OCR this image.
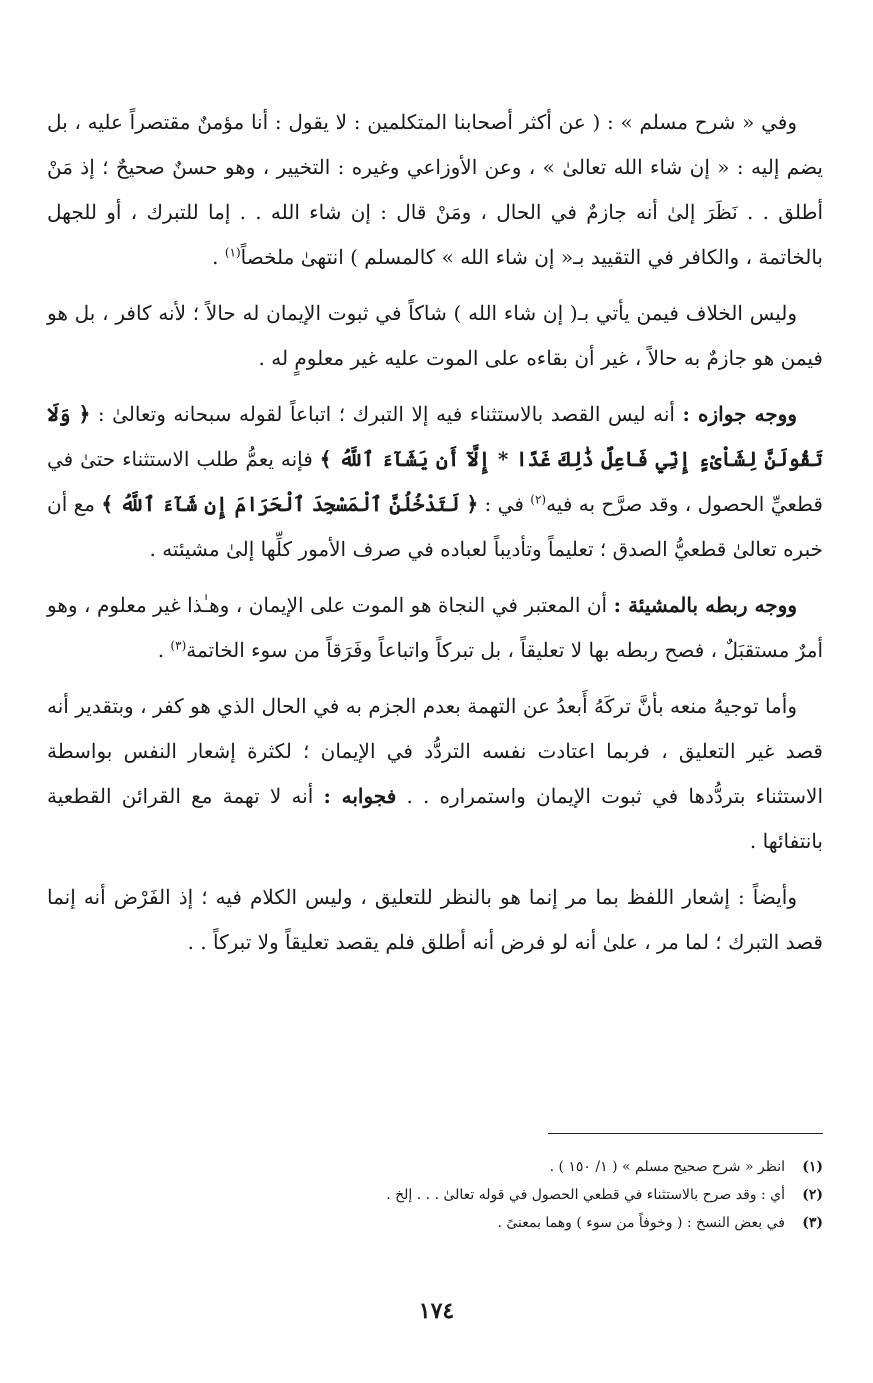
وفي « شرح مسلم » : ( عن أكثر أصحابنا المتكلمين : لا يقول : أنا مؤمنٌ مقتصراً عليه ، بل يضم إليه : « إن شاء الله تعالىٰ » ، وعن الأوزاعي وغيره : التخيير ، وهو حسنٌ صحيحٌ ؛ إذ مَنْ أطلق . . نَظَرَ إلىٰ أنه جازمٌ في الحال ، ومَنْ قال : إن شاء الله . . إما للتبرك ، أو للجهل بالخاتمة ، والكافر في التقييد بـ« إن شاء الله » كالمسلم ) انتهىٰ ملخصاً$^{(١)}$ .

وليس الخلاف فيمن يأتي بـ( إن شاء الله ) شاكاً في ثبوت الإيمان له حالاً ؛ لأنه كافر ، بل هو فيمن هو جازمٌ به حالاً ، غير أن بقاءه على الموت عليه غير معلومٍ له .

ووجه جوازه : أنه ليس القصد بالاستثناء فيه إلا التبرك ؛ اتباعاً لقوله سبحانه وتعالىٰ : ﴿ وَلَا تَقُولَنَّ لِشَاْىْءٍ إِنِّي فَاعِلٌ ذَٰلِكَ غَدًا * إِلَّآ أَن يَشَآءَ ٱللَّهُ ﴾ فإنه يعمُّ طلب الاستثناء حتىٰ في قطعيِّ الحصول ، وقد صرَّح به فيه$^{(٢)}$ في : ﴿ لَتَدْخُلُنَّ ٱلْمَسْجِدَ ٱلْحَرَامَ إِن شَآءَ ٱللَّهُ ﴾ مع أن خبره تعالىٰ قطعيُّ الصدق ؛ تعليماً وتأديباً لعباده في صرف الأمور كلِّها إلىٰ مشيئته .

ووجه ربطه بالمشيئة : أن المعتبر في النجاة هو الموت على الإيمان ، وهـٰذا غير معلوم ، وهو أمرٌ مستقبَلٌ ، فصح ربطه بها لا تعليقاً ، بل تبركاً واتباعاً وفَرَقاً من سوء الخاتمة$^{(٣)}$ .

وأما توجيهُ منعه بأنَّ تركَهُ أَبعدُ عن التهمة بعدم الجزم به في الحال الذي هو كفر ، وبتقدير أنه قصد غير التعليق ، فربما اعتادت نفسه التردُّد في الإيمان ؛ لكثرة إشعار النفس بواسطة الاستثناء بتردُّدها في ثبوت الإيمان واستمراره . . فجوابه : أنه لا تهمة مع القرائن القطعية بانتفائها .

وأيضاً : إشعار اللفظ بما مر إنما هو بالنظر للتعليق ، وليس الكلام فيه ؛ إذ الفَرْض أنه إنما قصد التبرك ؛ لما مر ، علىٰ أنه لو فرض أنه أطلق فلم يقصد تعليقاً ولا تبركاً . .

(١)انظر « شرح صحيح مسلم » ( ١/ ١٥٠ ) .
(٢)أي : وقد صرح بالاستثناء في قطعي الحصول في قوله تعالىٰ . . . إلخ .
(٣)في بعض النسخ : ( وخوفاً من سوء ) وهما بمعنىً .
١٧٤
